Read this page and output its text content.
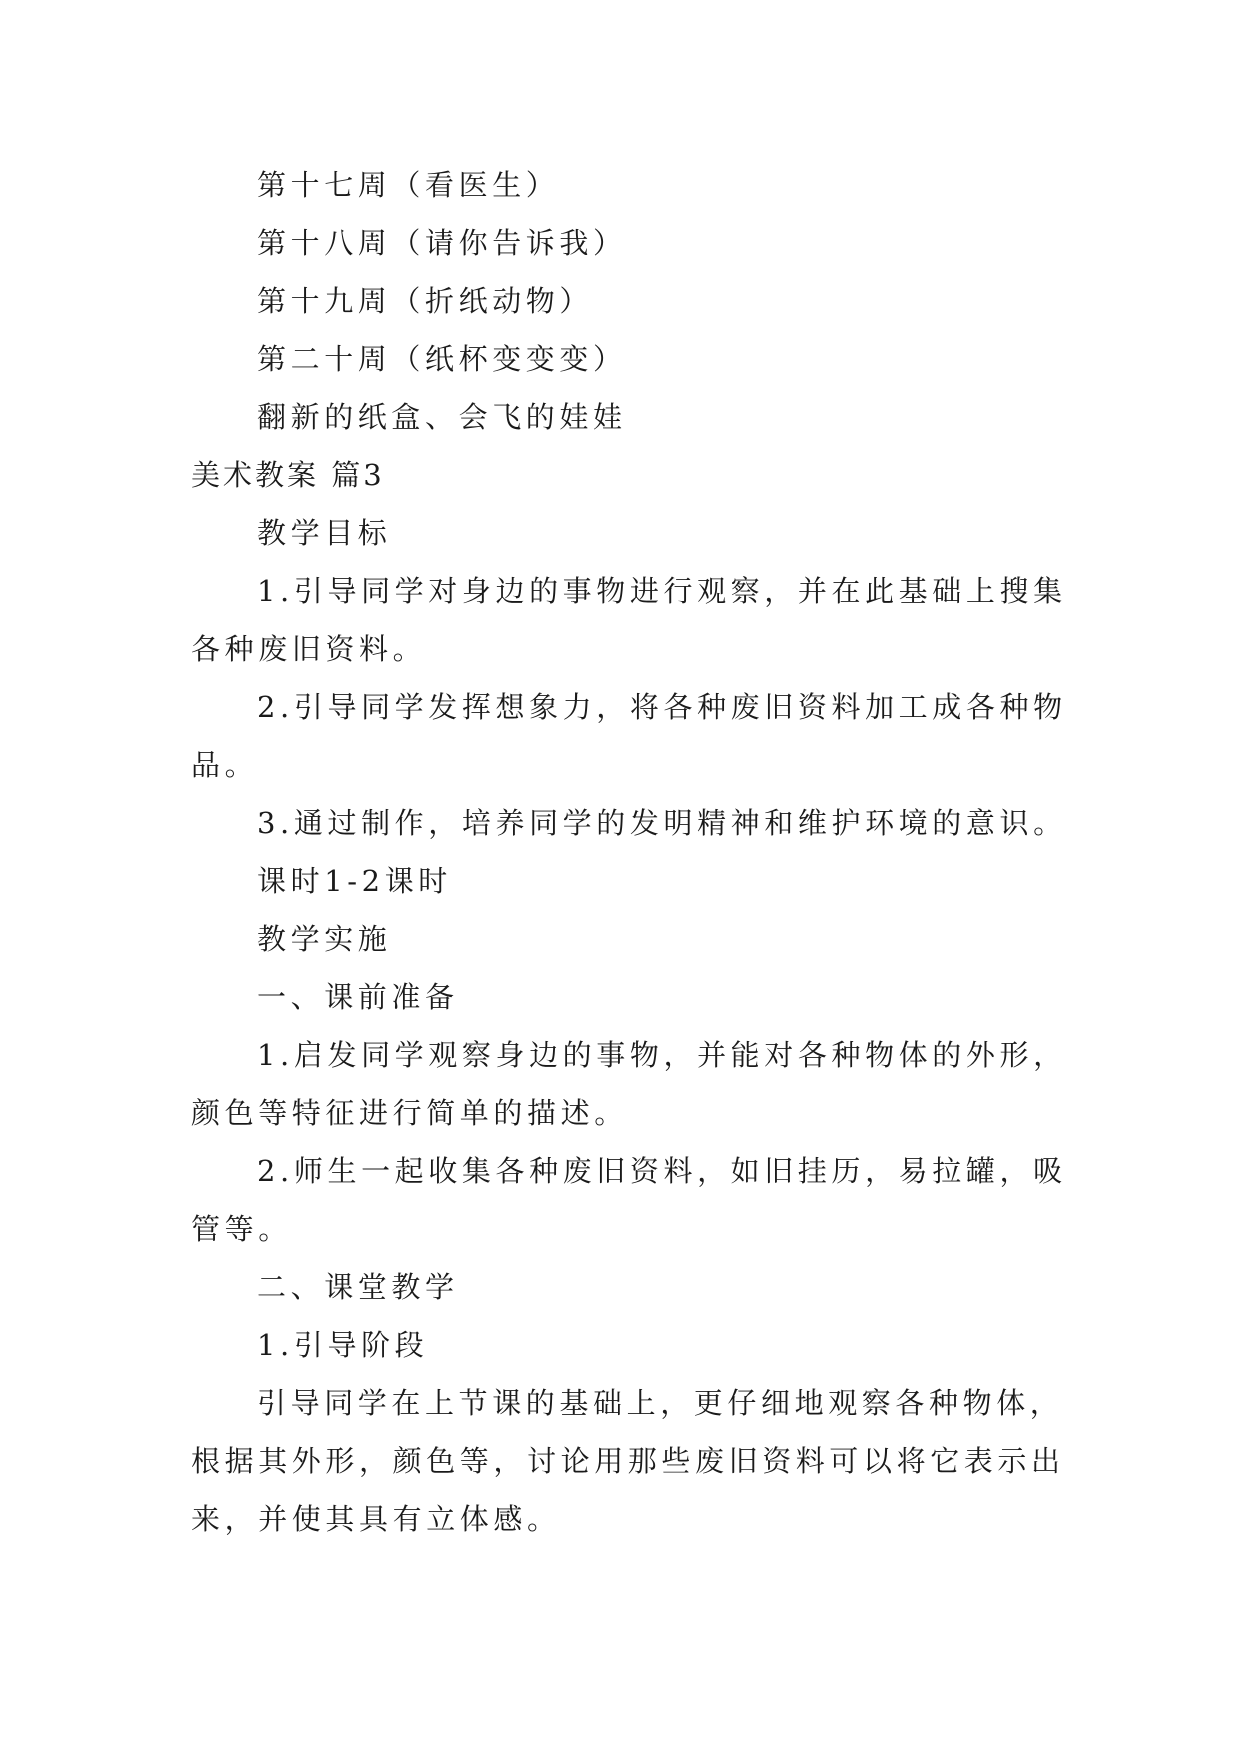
第十七周（看医生）

第十八周（请你告诉我）

第十九周（折纸动物）

第二十周（纸杯变变变）

翻新的纸盒、会飞的娃娃

美术教案 篇3

教学目标

1.引导同学对身边的事物进行观察，并在此基础上搜集

各种废旧资料。

2.引导同学发挥想象力，将各种废旧资料加工成各种物

品。

3.通过制作，培养同学的发明精神和维护环境的意识。

课时1-2课时

教学实施

一、课前准备

1.启发同学观察身边的事物，并能对各种物体的外形，

颜色等特征进行简单的描述。

2.师生一起收集各种废旧资料，如旧挂历，易拉罐，吸

管等。

二、课堂教学

1.引导阶段

引导同学在上节课的基础上，更仔细地观察各种物体，

根据其外形，颜色等，讨论用那些废旧资料可以将它表示出

来，并使其具有立体感。
